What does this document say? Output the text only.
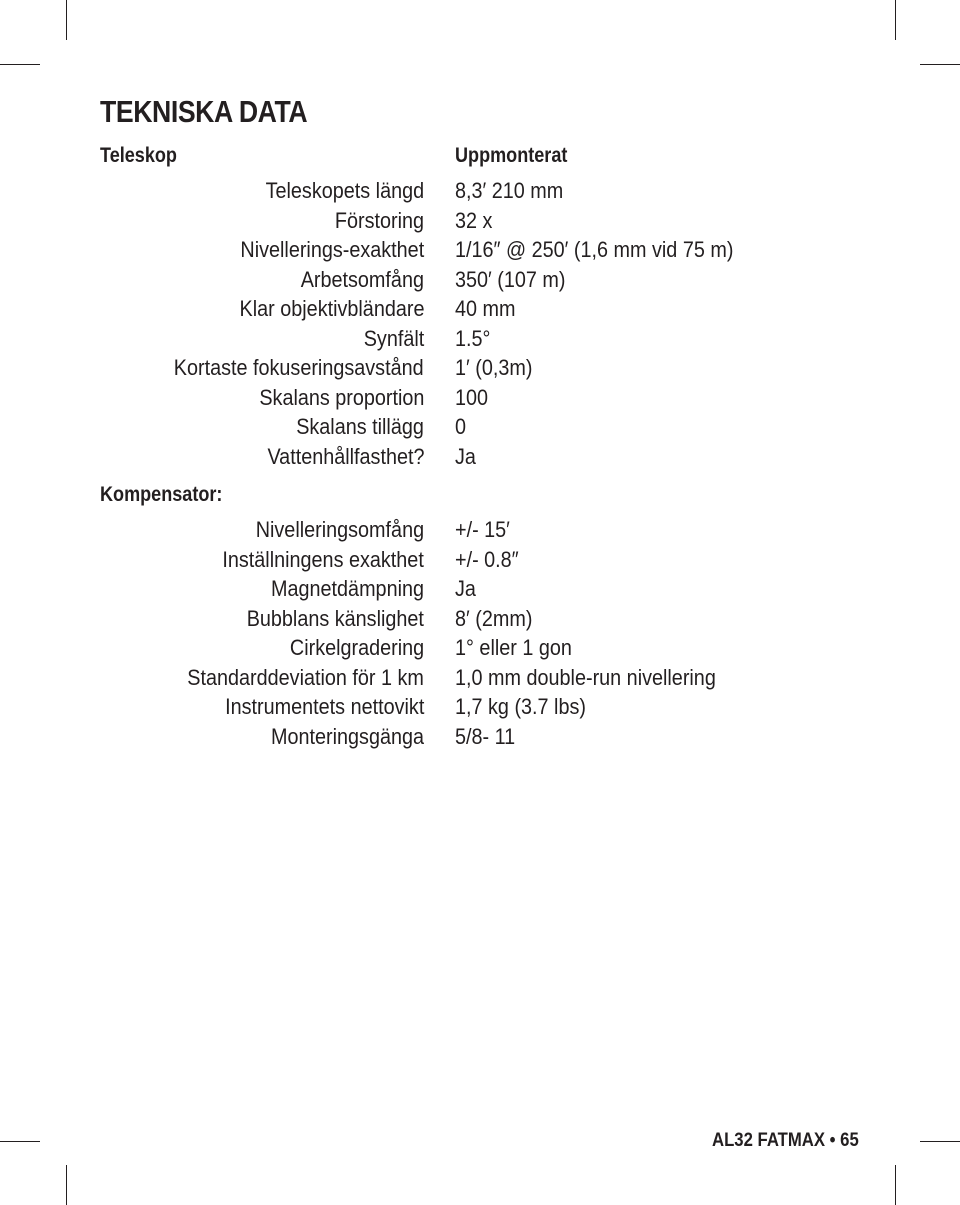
TEKNISKA DATA
Teleskop	Uppmonterat
Teleskopets längd 8,3′ 210 mm
Förstoring 32 x
Nivellerings-exakthet 1/16″ @ 250′ (1,6 mm vid 75 m)
Arbetsomfång 350′ (107 m)
Klar objektivbländare 40 mm
Synfält 1.5°
Kortaste fokuseringsavstånd 1′ (0,3m)
Skalans proportion 100
Skalans tillägg 0
Vattenhållfasthet? Ja
Kompensator:
Nivelleringsomfång +/- 15′
Inställningens exakthet +/- 0.8″
Magnetdämpning Ja
Bubblans känslighet 8′ (2mm)
Cirkelgradering 1° eller 1 gon
Standarddeviation för 1 km 1,0 mm double-run nivellering
Instrumentets nettovikt 1,7 kg (3.7 lbs)
Monteringsgänga 5/8- 11
AL32 FATMAX • 65
